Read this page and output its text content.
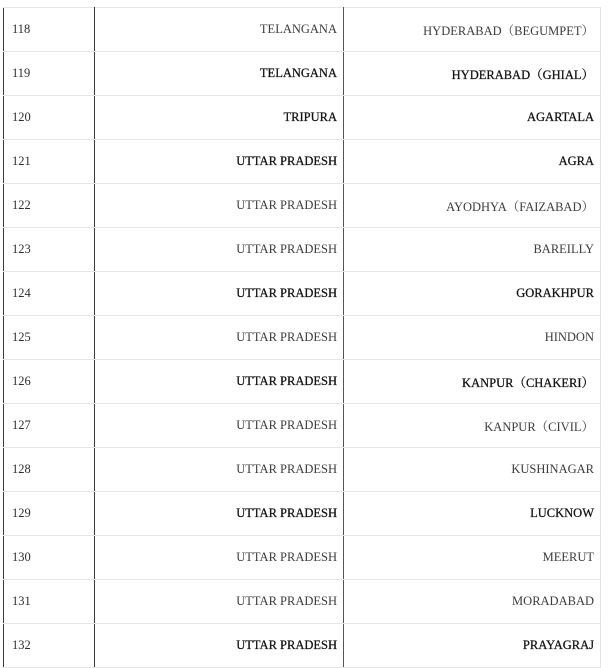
118	TELANGANA	HYDERABAD（BEGUMPET）
119	TELANGANA	HYDERABAD（GHIAL）
120	TRIPURA	AGARTALA
121	UTTAR PRADESH	AGRA
122	UTTAR PRADESH	AYODHYA（FAIZABAD）
123	UTTAR PRADESH	BAREILLY
124	UTTAR PRADESH	GORAKHPUR
125	UTTAR PRADESH	HINDON
126	UTTAR PRADESH	KANPUR（CHAKERI）
127	UTTAR PRADESH	KANPUR（CIVIL）
128	UTTAR PRADESH	KUSHINAGAR
129	UTTAR PRADESH	LUCKNOW
130	UTTAR PRADESH	MEERUT
131	UTTAR PRADESH	MORADABAD
132	UTTAR PRADESH	PRAYAGRAJ
